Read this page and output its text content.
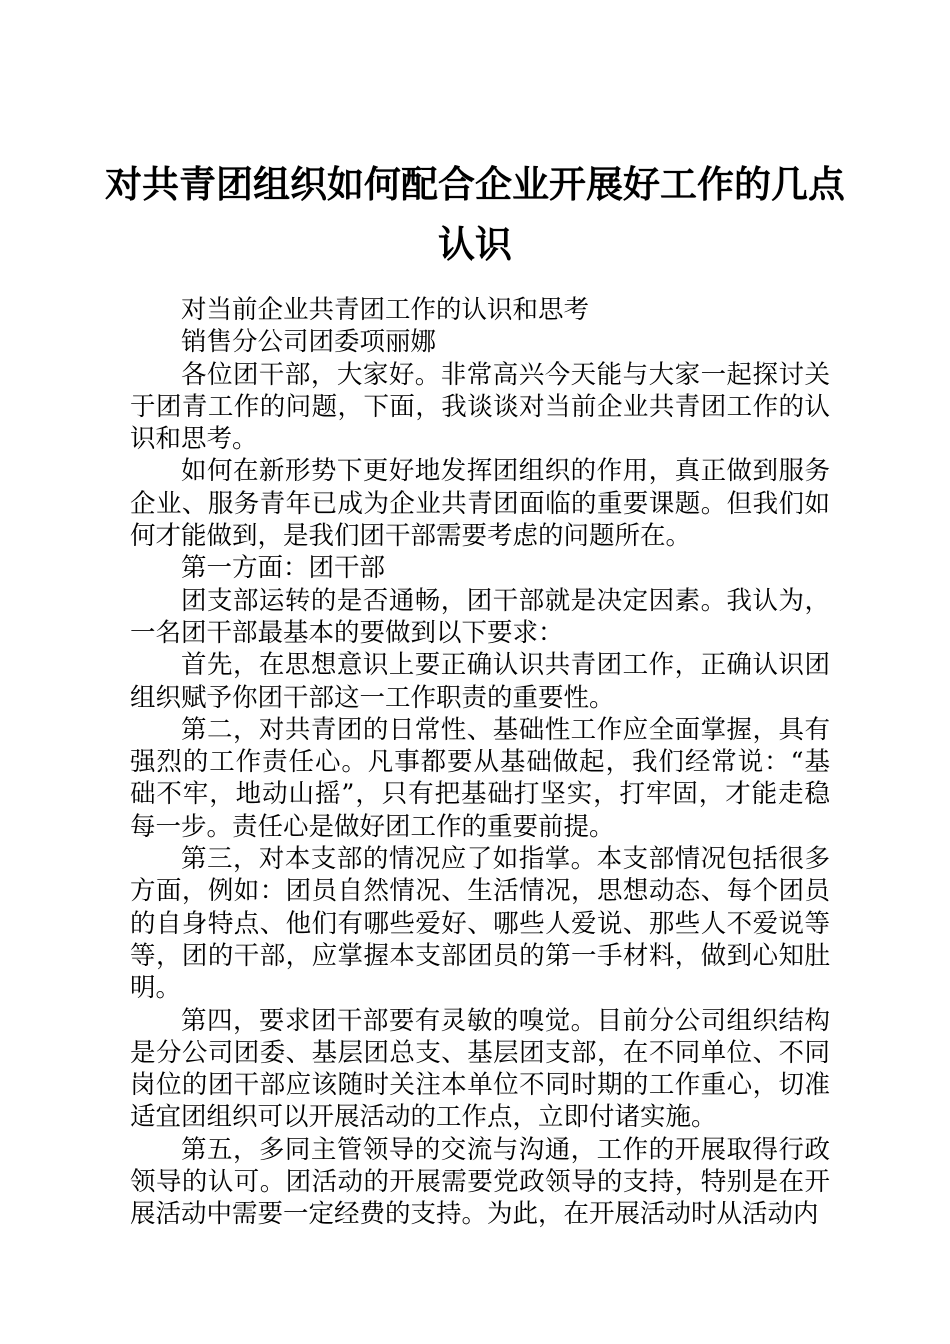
对共青团组织如何配合企业开展好工作的几点
认识

对当前企业共青团工作的认识和思考

销售分公司团委项丽娜

各位团干部，大家好。非常高兴今天能与大家一起探讨关于团青工作的问题，下面，我谈谈对当前企业共青团工作的认识和思考。

如何在新形势下更好地发挥团组织的作用，真正做到服务企业、服务青年已成为企业共青团面临的重要课题。但我们如何才能做到，是我们团干部需要考虑的问题所在。

第一方面：团干部

团支部运转的是否通畅，团干部就是决定因素。我认为，一名团干部最基本的要做到以下要求：

首先，在思想意识上要正确认识共青团工作，正确认识团组织赋予你团干部这一工作职责的重要性。

第二，对共青团的日常性、基础性工作应全面掌握，具有强烈的工作责任心。凡事都要从基础做起，我们经常说：“基础不牢，地动山摇”，只有把基础打坚实，打牢固，才能走稳每一步。责任心是做好团工作的重要前提。

第三，对本支部的情况应了如指掌。本支部情况包括很多方面，例如：团员自然情况、生活情况，思想动态、每个团员的自身特点、他们有哪些爱好、哪些人爱说、那些人不爱说等等，团的干部，应掌握本支部团员的第一手材料，做到心知肚明。

第四，要求团干部要有灵敏的嗅觉。目前分公司组织结构是分公司团委、基层团总支、基层团支部，在不同单位、不同岗位的团干部应该随时关注本单位不同时期的工作重心，切准适宜团组织可以开展活动的工作点，立即付诸实施。

第五，多同主管领导的交流与沟通，工作的开展取得行政领导的认可。团活动的开展需要党政领导的支持，特别是在开展活动中需要一定经费的支持。为此，在开展活动时从活动内
